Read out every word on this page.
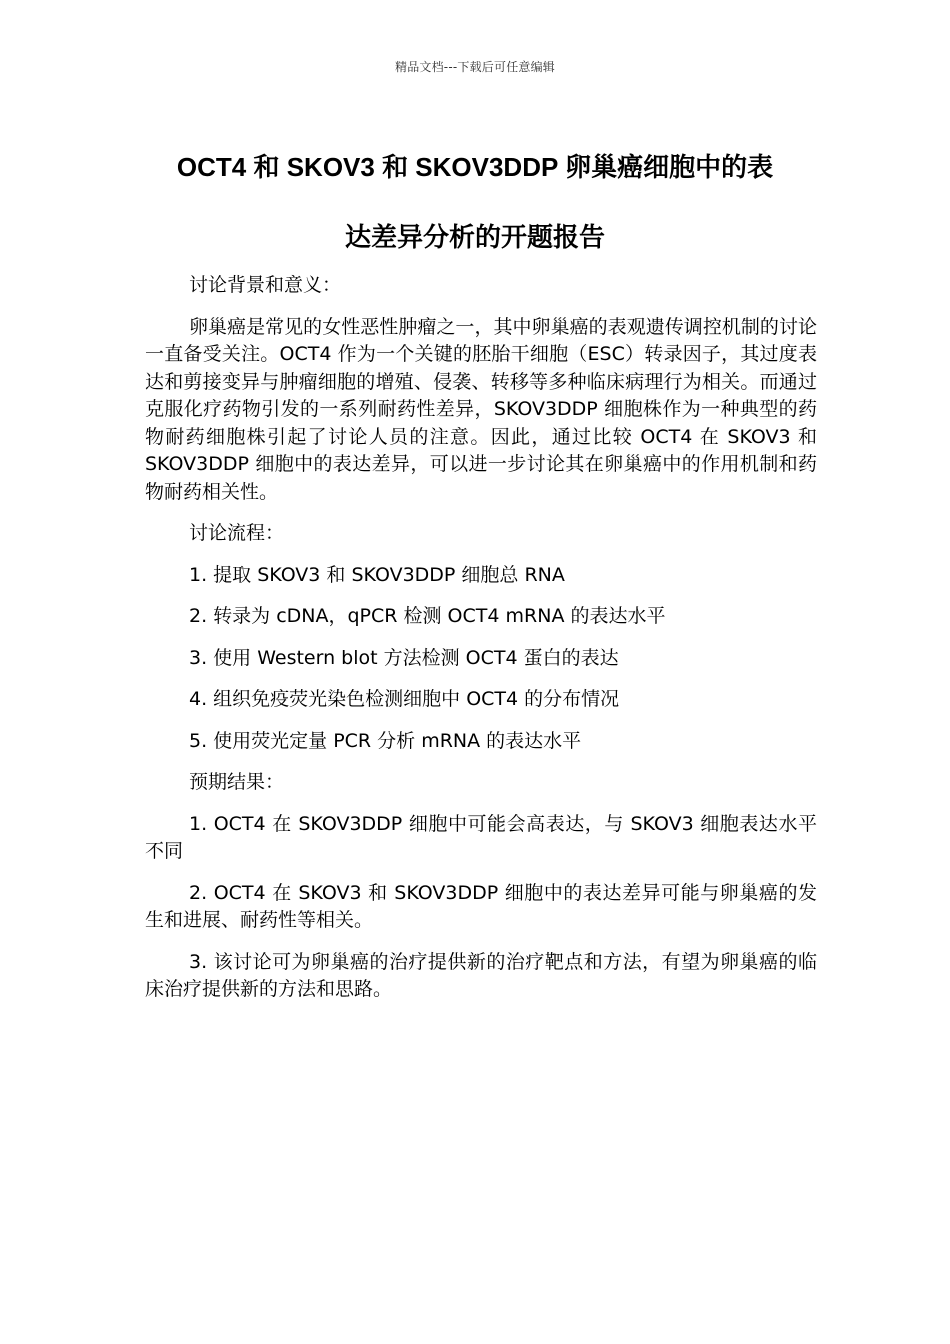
精品文档---下载后可任意编辑
OCT4 和 SKOV3 和 SKOV3DDP 卵巢癌细胞中的表
达差异分析的开题报告

讨论背景和意义：

卵巢癌是常见的女性恶性肿瘤之一，其中卵巢癌的表观遗传调控机制的讨论一直备受关注。OCT4 作为一个关键的胚胎干细胞（ESC）转录因子，其过度表达和剪接变异与肿瘤细胞的增殖、侵袭、转移等多种临床病理行为相关。而通过克服化疗药物引发的一系列耐药性差异，SKOV3DDP 细胞株作为一种典型的药物耐药细胞株引起了讨论人员的注意。因此，通过比较 OCT4 在 SKOV3 和 SKOV3DDP 细胞中的表达差异，可以进一步讨论其在卵巢癌中的作用机制和药物耐药相关性。

讨论流程：

1. 提取 SKOV3 和 SKOV3DDP 细胞总 RNA

2. 转录为 cDNA，qPCR 检测 OCT4 mRNA 的表达水平

3. 使用 Western blot 方法检测 OCT4 蛋白的表达

4. 组织免疫荧光染色检测细胞中 OCT4 的分布情况

5. 使用荧光定量 PCR 分析 mRNA 的表达水平

预期结果：

1. OCT4 在 SKOV3DDP 细胞中可能会高表达，与 SKOV3 细胞表达水平不同

2. OCT4 在 SKOV3 和 SKOV3DDP 细胞中的表达差异可能与卵巢癌的发生和进展、耐药性等相关。

3. 该讨论可为卵巢癌的治疗提供新的治疗靶点和方法，有望为卵巢癌的临床治疗提供新的方法和思路。
